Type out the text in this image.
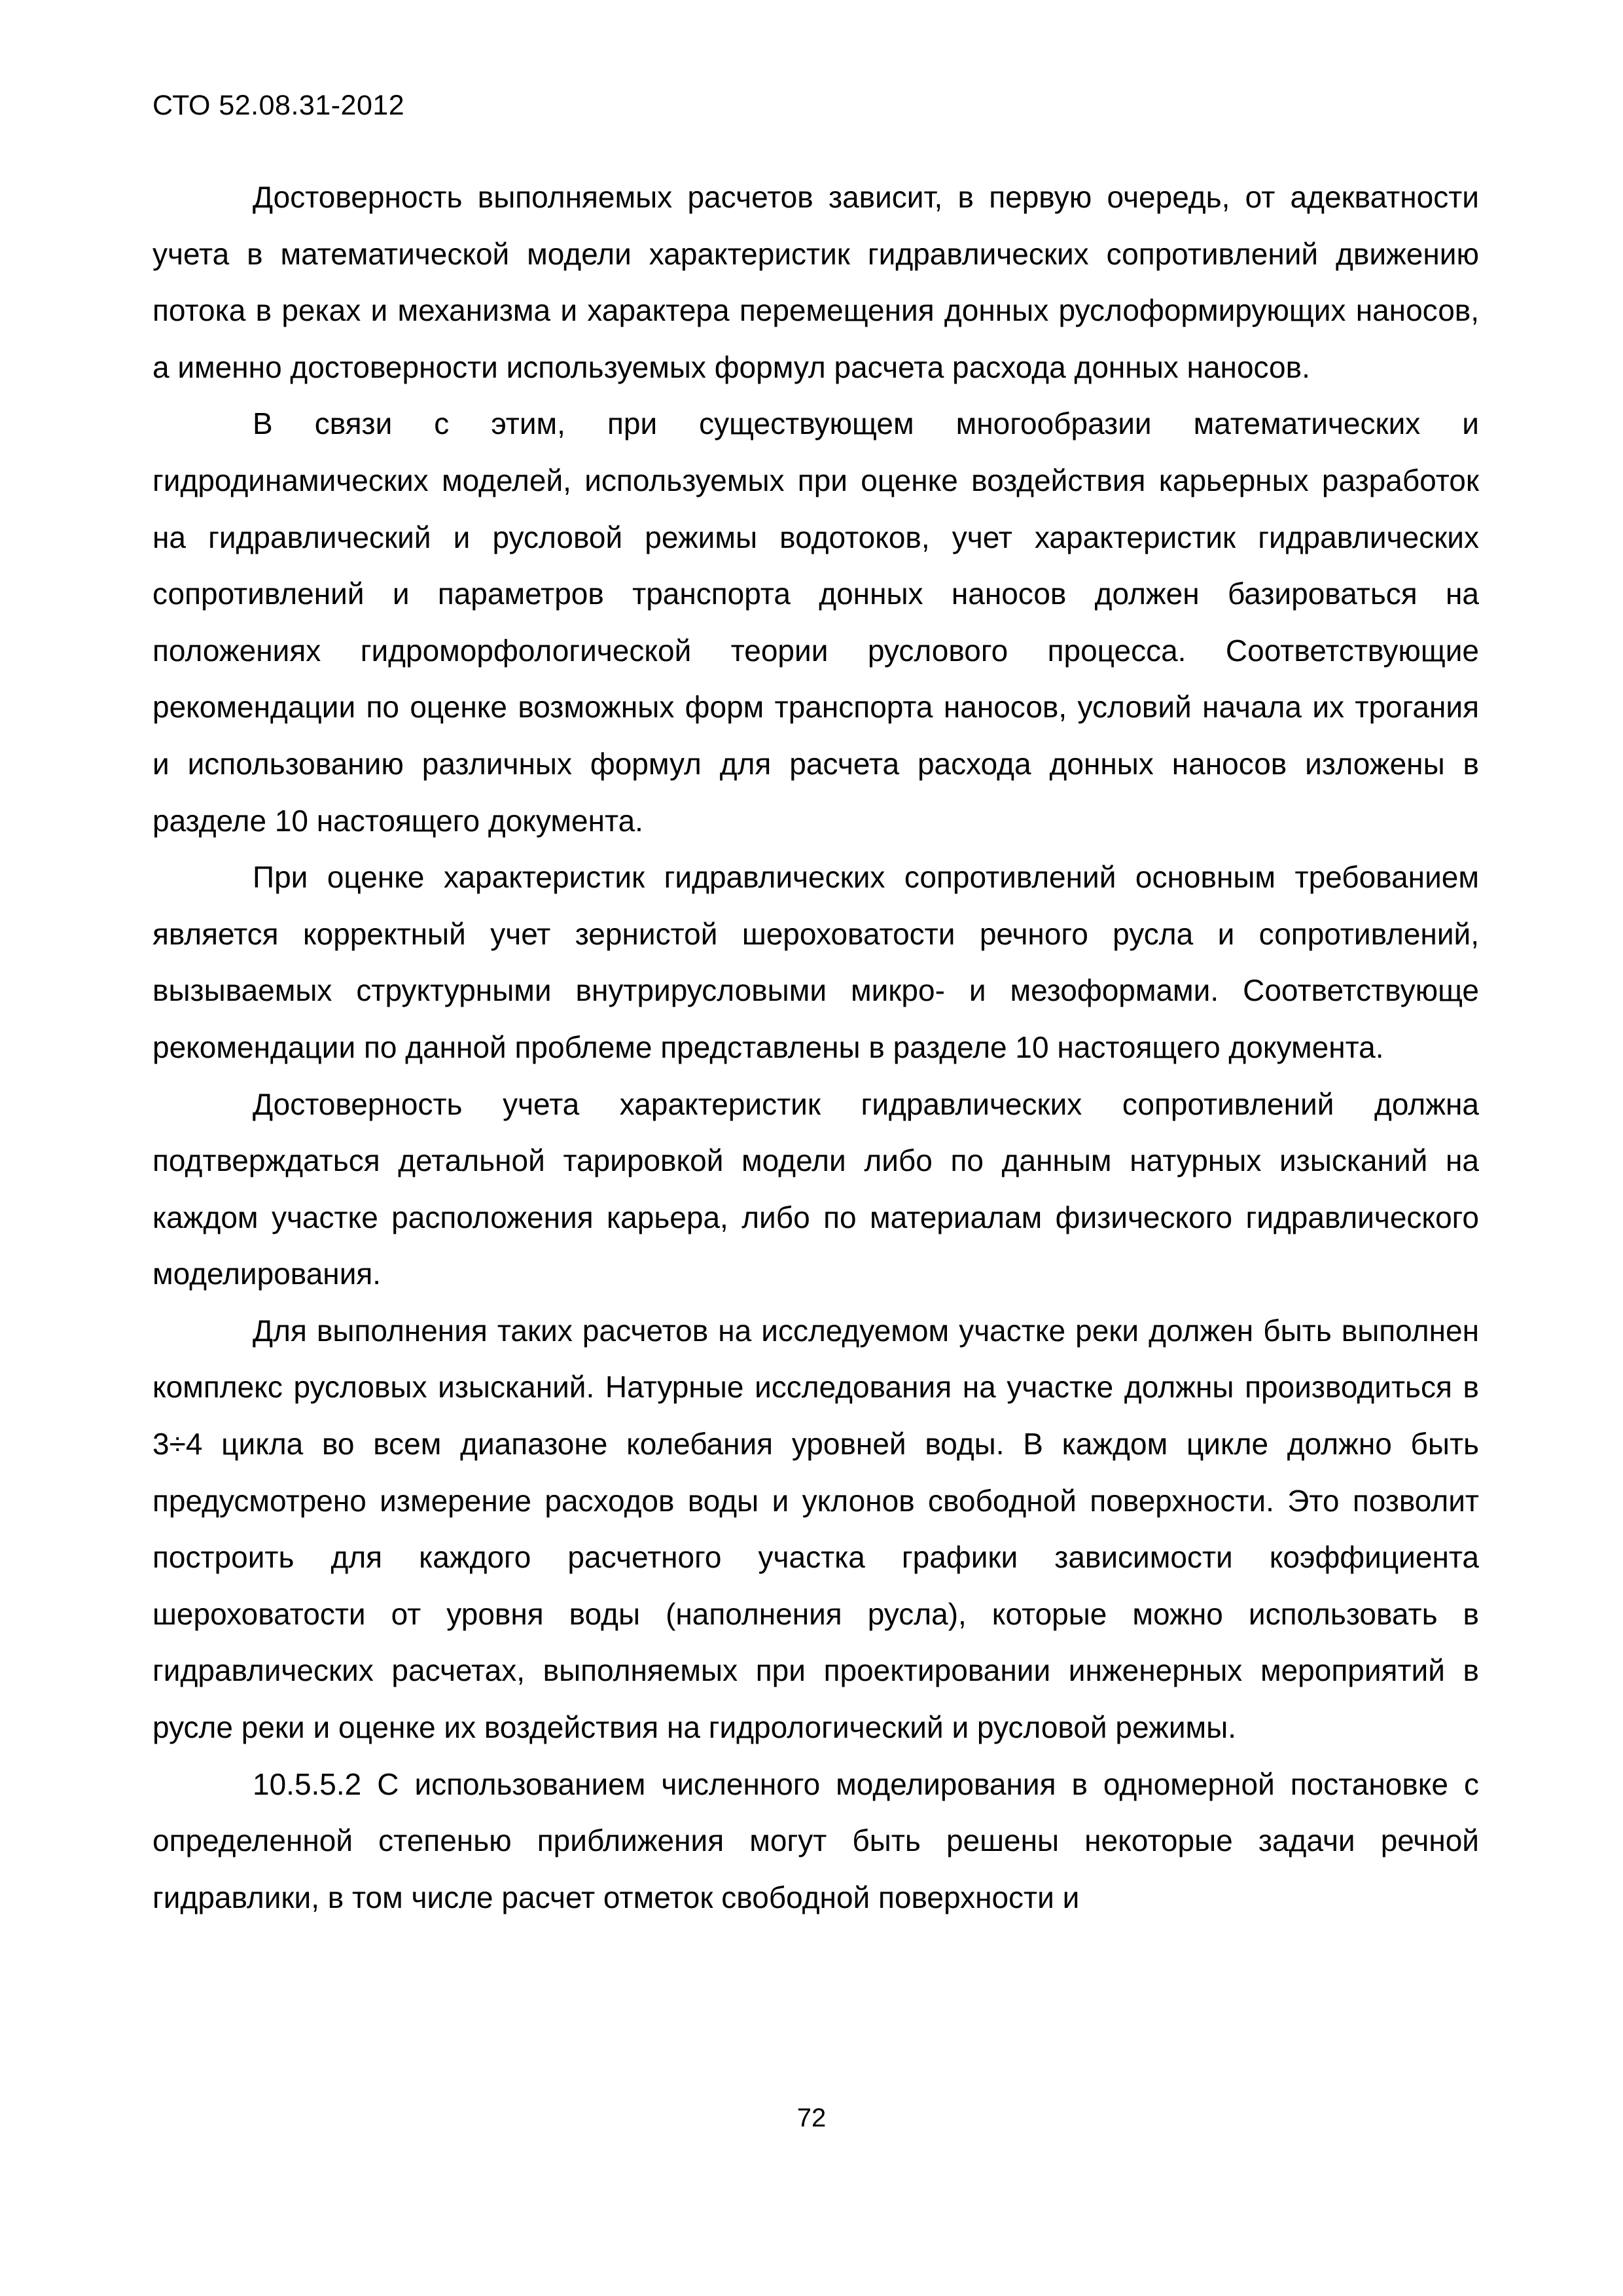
СТО 52.08.31-2012

Достоверность выполняемых расчетов зависит, в первую очередь, от адекватности учета в математической модели характеристик гидравлических сопротивлений движению потока в реках и механизма и характера перемещения донных руслоформирующих наносов, а именно достоверности используемых формул расчета расхода донных наносов.

В связи с этим, при существующем многообразии математических и гидродинамических моделей, используемых при оценке воздействия карьерных разработок на гидравлический и русловой режимы водотоков, учет характеристик гидравлических сопротивлений и параметров транспорта донных наносов должен базироваться на положениях гидроморфологической теории руслового процесса. Соответствующие рекомендации по оценке возможных форм транспорта наносов, условий начала их трогания и использованию различных формул для расчета расхода донных наносов изложены в разделе 10 настоящего документа.

При оценке характеристик гидравлических сопротивлений основным требованием является корректный учет зернистой шероховатости речного русла и сопротивлений, вызываемых структурными внутрирусловыми микро- и мезоформами. Соответствующе рекомендации по данной проблеме представлены в разделе 10 настоящего документа.

Достоверность учета характеристик гидравлических сопротивлений должна подтверждаться детальной тарировкой модели либо по данным натурных изысканий на каждом участке расположения карьера, либо по материалам физического гидравлического моделирования.

Для выполнения таких расчетов на исследуемом участке реки должен быть выполнен комплекс русловых изысканий. Натурные исследования на участке должны производиться в 3÷4 цикла во всем диапазоне колебания уровней воды. В каждом цикле должно быть предусмотрено измерение расходов воды и уклонов свободной поверхности. Это позволит построить для каждого расчетного участка графики зависимости коэффициента шероховатости от уровня воды (наполнения русла), которые можно использовать в гидравлических расчетах, выполняемых при проектировании инженерных мероприятий в русле реки и оценке их воздействия на гидрологический и русловой режимы.

10.5.5.2 С использованием численного моделирования в одномерной постановке с определенной степенью приближения могут быть решены некоторые задачи речной гидравлики, в том числе расчет отметок свободной поверхности и

72
